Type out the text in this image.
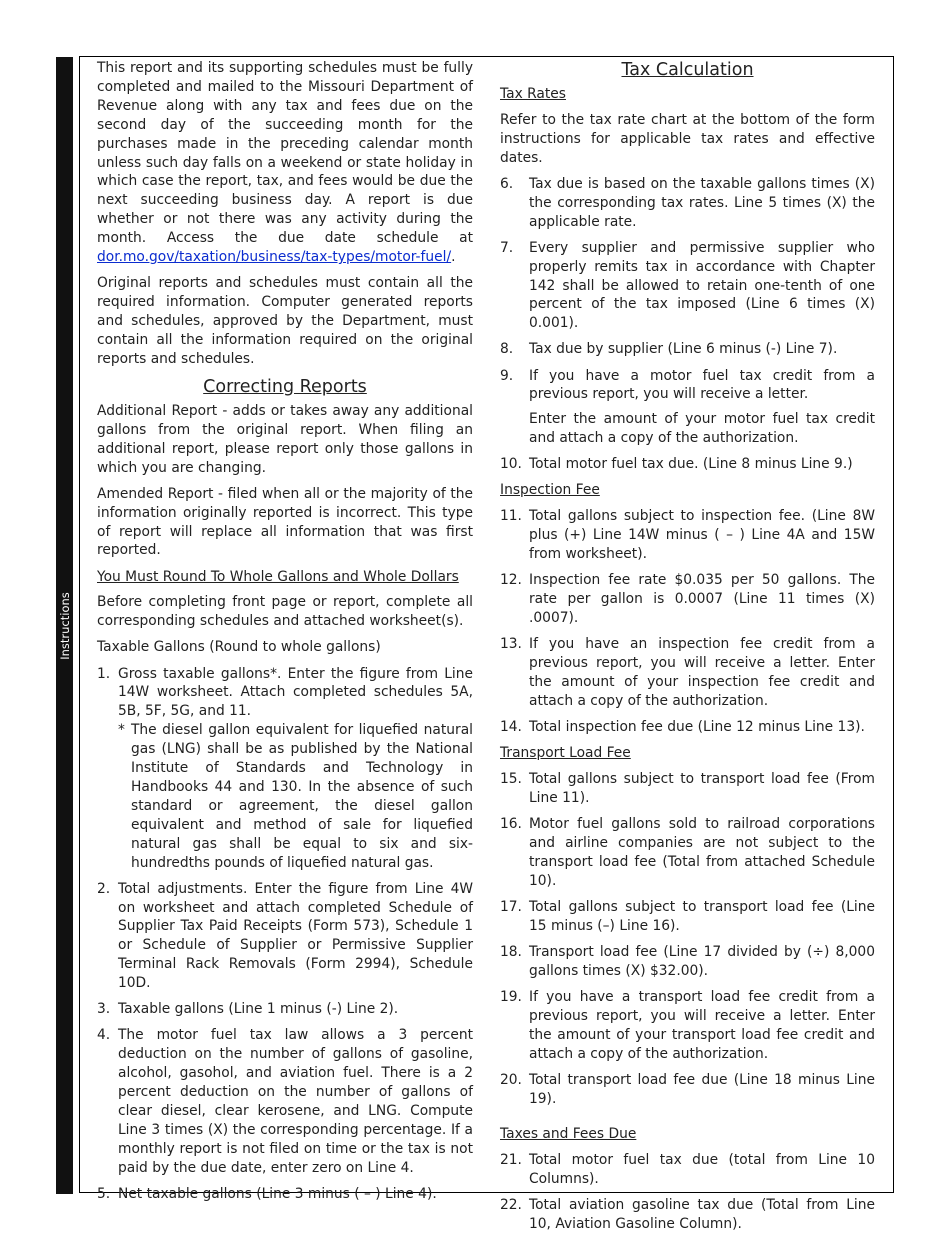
Instructions

This report and its supporting schedules must be fully completed and mailed to the Missouri Department of Revenue along with any tax and fees due on the second day of the succeeding month for the purchases made in the preceding calendar month unless such day falls on a weekend or state holiday in which case the report, tax, and fees would be due the next succeeding business day. A report is due whether or not there was any activity during the month. Access the due date schedule at dor.mo.gov/taxation/business/tax-types/motor-fuel/.

Original reports and schedules must contain all the required information. Computer generated reports and schedules, approved by the Department, must contain all the information required on the original reports and schedules.

Correcting Reports

Additional Report - adds or takes away any additional gallons from the original report. When filing an additional report, please report only those gallons in which you are changing.

Amended Report - filed when all or the majority of the information originally reported is incorrect. This type of report will replace all information that was first reported.

You Must Round To Whole Gallons and Whole Dollars

Before completing front page or report, complete all corresponding schedules and attached worksheet(s).

Taxable Gallons (Round to whole gallons)

1. Gross taxable gallons*. Enter the figure from Line 14W worksheet. Attach completed schedules 5A, 5B, 5F, 5G, and 11.
* The diesel gallon equivalent for liquefied natural gas (LNG) shall be as published by the National Institute of Standards and Technology in Handbooks 44 and 130. In the absence of such standard or agreement, the diesel gallon equivalent and method of sale for liquefied natural gas shall be equal to six and six-hundredths pounds of liquefied natural gas.
2. Total adjustments. Enter the figure from Line 4W on worksheet and attach completed Schedule of Supplier Tax Paid Receipts (Form 573), Schedule 1 or Schedule of Supplier or Permissive Supplier Terminal Rack Removals (Form 2994), Schedule 10D.
3. Taxable gallons (Line 1 minus (-) Line 2).
4. The motor fuel tax law allows a 3 percent deduction on the number of gallons of gasoline, alcohol, gasohol, and aviation fuel. There is a 2 percent deduction on the number of gallons of clear diesel, clear kerosene, and LNG. Compute Line 3 times (X) the corresponding percentage. If a monthly report is not filed on time or the tax is not paid by the due date, enter zero on Line 4.
5. Net taxable gallons (Line 3 minus ( – ) Line 4).
Tax Calculation
Tax Rates

Refer to the tax rate chart at the bottom of the form instructions for applicable tax rates and effective dates.

6. Tax due is based on the taxable gallons times (X) the corresponding tax rates. Line 5 times (X) the applicable rate.
7. Every supplier and permissive supplier who properly remits tax in accordance with Chapter 142 shall be allowed to retain one-tenth of one percent of the tax imposed (Line 6 times (X) 0.001).
8. Tax due by supplier (Line 6 minus (-) Line 7).
9. If you have a motor fuel tax credit from a previous report, you will receive a letter.
Enter the amount of your motor fuel tax credit and attach a copy of the authorization.
10. Total motor fuel tax due. (Line 8 minus Line 9.)
Inspection Fee
11. Total gallons subject to inspection fee. (Line 8W plus (+) Line 14W minus ( – ) Line 4A and 15W from worksheet).
12. Inspection fee rate $0.035 per 50 gallons. The rate per gallon is 0.0007 (Line 11 times (X) .0007).
13. If you have an inspection fee credit from a previous report, you will receive a letter. Enter the amount of your inspection fee credit and attach a copy of the authorization.
14. Total inspection fee due (Line 12 minus Line 13).
Transport Load Fee
15. Total gallons subject to transport load fee (From Line 11).
16. Motor fuel gallons sold to railroad corporations and airline companies are not subject to the transport load fee (Total from attached Schedule 10).
17. Total gallons subject to transport load fee (Line 15 minus (–) Line 16).
18. Transport load fee (Line 17 divided by (÷) 8,000 gallons times (X) $32.00).
19. If you have a transport load fee credit from a previous report, you will receive a letter. Enter the amount of your transport load fee credit and attach a copy of the authorization.
20. Total transport load fee due (Line 18 minus Line 19).
Taxes and Fees Due
21. Total motor fuel tax due (total from Line 10 Columns).
22. Total aviation gasoline tax due (Total from Line 10, Aviation Gasoline Column).
